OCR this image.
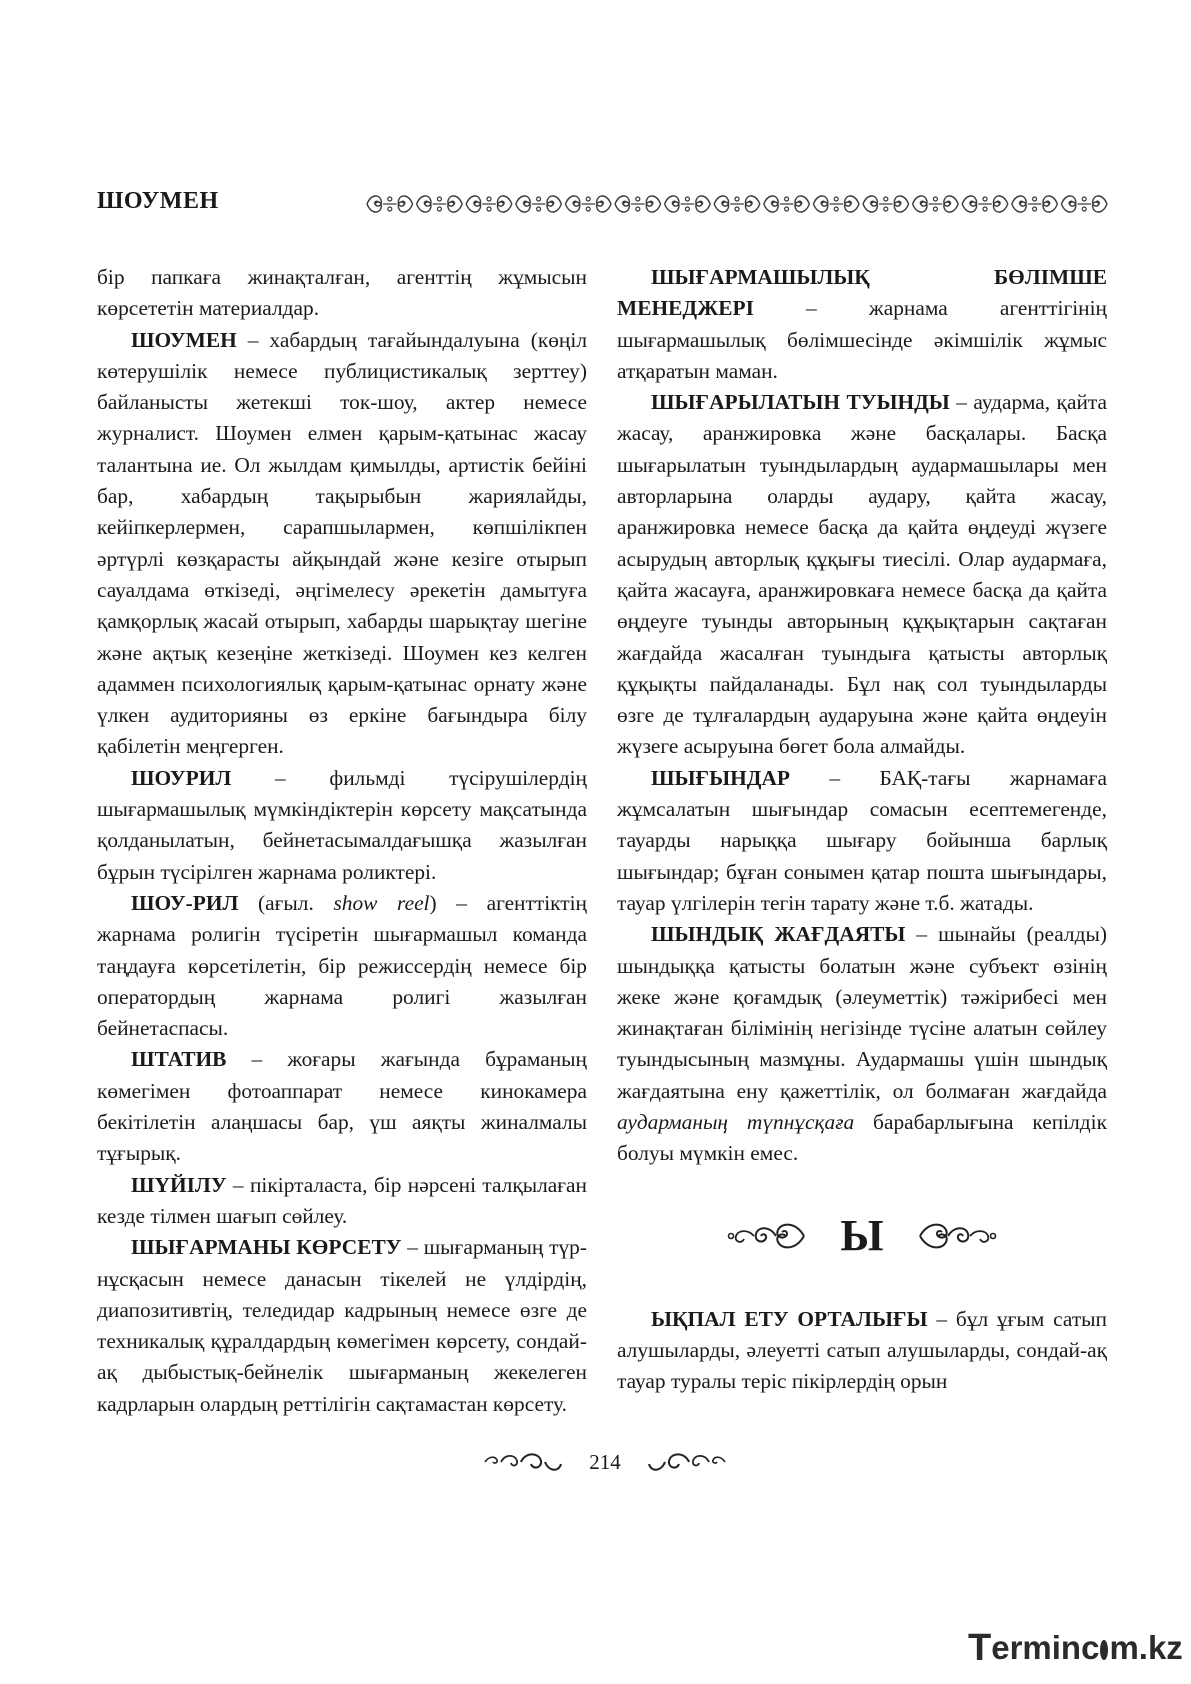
ШОУМЕН

бір папкаға жинақталған, агенттің жұмысын көрсететін материалдар.

ШОУМЕН – хабардың тағайындалуына (көңіл көтерушілік немесе публицистикалық зерттеу) байланысты жетекші ток-шоу, актер немесе журналист. Шоумен елмен қарым-қатынас жасау талантына ие. Ол жылдам қимылды, артистік бейіні бар, хабардың тақырыбын жариялайды, кейіпкерлермен, сарапшылармен, көпшілікпен әртүрлі көзқарасты айқындай және кезіге отырып сауалдама өткізеді, әңгімелесу әрекетін дамытуға қамқорлық жасай отырып, хабарды шарықтау шегіне және ақтық кезеңіне жеткізеді. Шоумен кез келген адаммен психологиялық қарым-қатынас орнату және үлкен аудиторияны өз еркіне бағындыра білу қабілетін меңгерген.

ШОУРИЛ – фильмді түсірушілердің шығармашылық мүмкіндіктерін көрсету мақсатында қолданылатын, бейнетасымалдағышқа жазылған бұрын түсірілген жарнама роликтері.

ШОУ-РИЛ (ағыл. show reel) – агенттіктің жарнама ролигін түсіретін шығармашыл команда таңдауға көрсетілетін, бір режиссердің немесе бір оператордың жарнама ролигі жазылған бейнетаспасы.

ШТАТИВ – жоғары жағында бұраманың көмегімен фотоаппарат немесе кинокамера бекітілетін алаңшасы бар, үш аяқты жиналмалы тұғырық.

ШҮЙІЛУ – пікірталаста, бір нәрсені талқылаған кезде тілмен шағып сөйлеу.

ШЫҒАРМАНЫ КӨРСЕТУ – шығарманың түр-нұсқасын немесе данасын тікелей не үлдірдің, диапозитивтің, теледидар кадрының немесе өзге де техникалық құралдардың көмегімен көрсету, сондай-ақ дыбыстық-бейнелік шығарманың жекелеген кадрларын олардың реттілігін сақтамастан көрсету.

ШЫҒАРМАШЫЛЫҚ БӨЛІМШЕ МЕНЕДЖЕРІ – жарнама агенттігінің шығармашылық бөлімшесінде әкімшілік жұмыс атқаратын маман.

ШЫҒАРЫЛАТЫН ТУЫНДЫ – аударма, қайта жасау, аранжировка және басқалары. Басқа шығарылатын туындылардың аудармашылары мен авторларына оларды аудару, қайта жасау, аранжировка немесе басқа да қайта өңдеуді жүзеге асырудың авторлық құқығы тиесілі. Олар аудармаға, қайта жасауға, аранжировкаға немесе басқа да қайта өңдеуге туынды авторының құқықтарын сақтаған жағдайда жасалған туындыға қатысты авторлық құқықты пайдаланады. Бұл нақ сол туындыларды өзге де тұлғалардың аударуына және қайта өңдеуін жүзеге асыруына бөгет бола алмайды.

ШЫҒЫНДАР – БАҚ-тағы жарнамаға жұмсалатын шығындар сомасын есептемегенде, тауарды нарыққа шығару бойынша барлық шығындар; бұған сонымен қатар пошта шығындары, тауар үлгілерін тегін тарату және т.б. жатады.

ШЫНДЫҚ ЖАҒДАЯТЫ – шынайы (реалды) шындыққа қатысты болатын және субъект өзінің жеке және қоғамдық (әлеуметтік) тәжірибесі мен жинақтаған білімінің негізінде түсіне алатын сөйлеу туындысының мазмұны. Аудармашы үшін шындық жағдаятына ену қажеттілік, ол болмаған жағдайда аударманың түпнұсқаға барабарлығына кепілдік болуы мүмкін емес.

Ы

ЫҚПАЛ ЕТУ ОРТАЛЫҒЫ – бұл ұғым сатып алушыларды, әлеуетті сатып алушыларды, сондай-ақ тауар туралы теріс пікірлердің орын

214
T erminc m.kz
